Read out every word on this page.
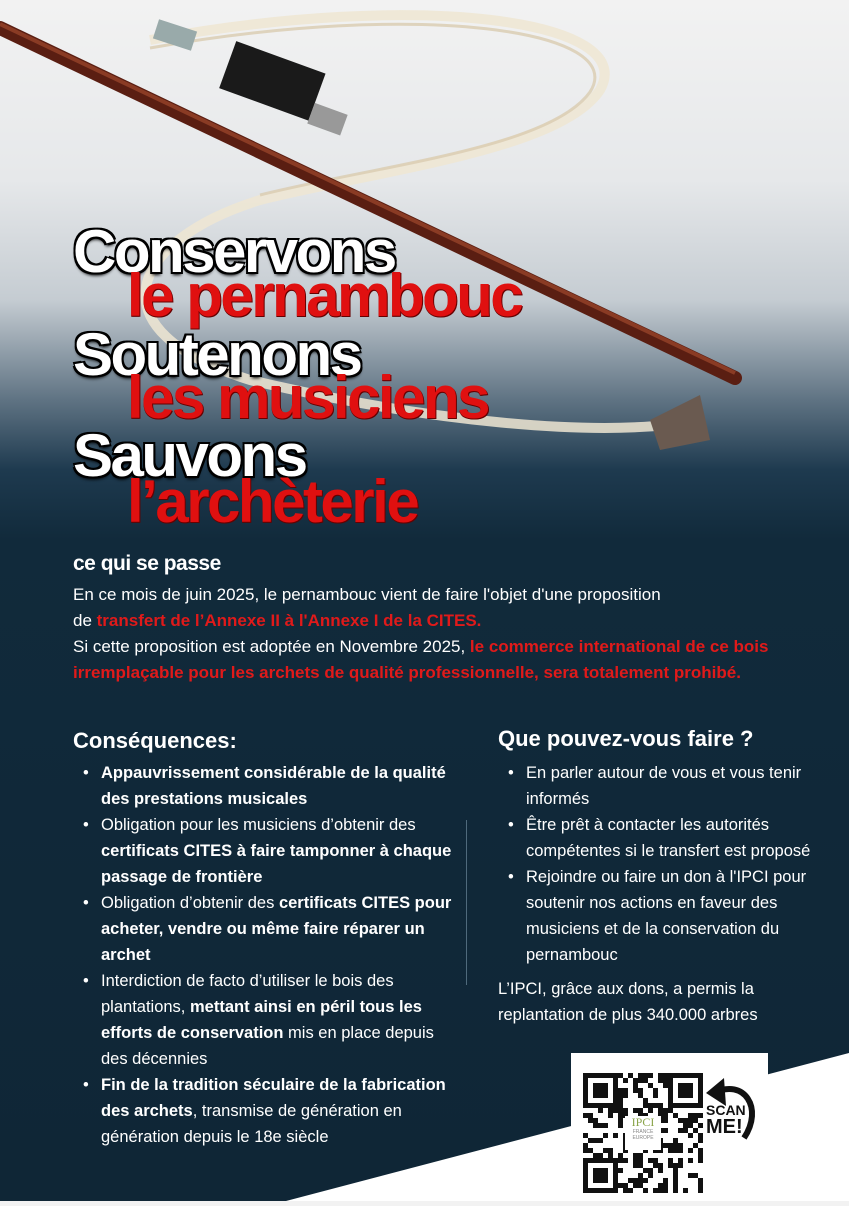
Conservons
le pernambouc
Soutenons
les musiciens
Sauvons
l’archèterie
ce qui se passe
En ce mois de juin 2025, le pernambouc vient de faire l'objet d'une proposition
de transfert de l’Annexe II à l'Annexe I de la CITES.
Si cette proposition est adoptée en Novembre 2025, le commerce international de ce bois irremplaçable pour les archets de qualité professionnelle, sera totalement prohibé.
Conséquences:
• Appauvrissement considérable de la qualité des prestations musicales
• Obligation pour les musiciens d’obtenir des certificats CITES à faire tamponner à chaque passage de frontière
• Obligation d’obtenir des certificats CITES pour acheter, vendre ou même faire réparer un archet
• Interdiction de facto d’utiliser le bois des plantations, mettant ainsi en péril tous les efforts de conservation mis en place depuis des décennies
• Fin de la tradition séculaire de la fabrication des archets, transmise de génération en génération depuis le 18e siècle
Que pouvez-vous faire ?
• En parler autour de vous et vous tenir informés
• Être prêt à contacter les autorités compétentes si le transfert est proposé
• Rejoindre ou faire un don à l'IPCI pour soutenir nos actions en faveur des musiciens et de la conservation du pernambouc
L’IPCI, grâce aux dons, a permis la replantation de plus 340.000 arbres
IPCI
FRANCE
EUROPE
SCAN
ME!
